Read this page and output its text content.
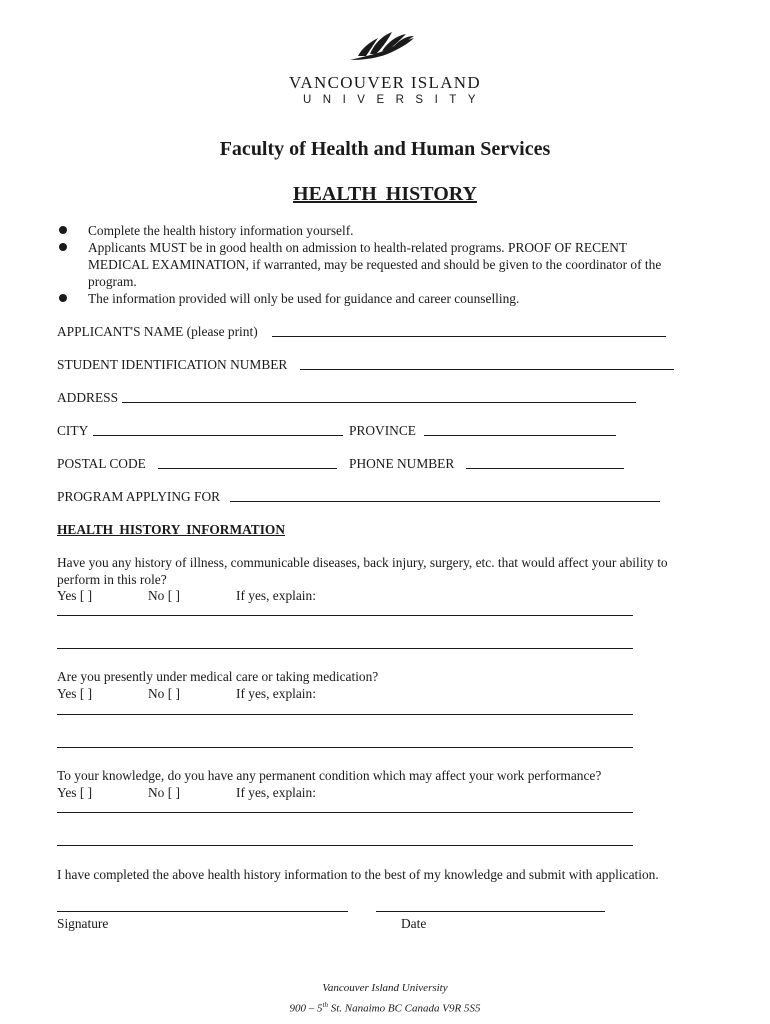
VANCOUVER ISLAND
UNIVERSITY
Faculty of Health and Human Services
HEALTH HISTORY
Complete the health history information yourself.
Applicants MUST be in good health on admission to health-related programs. PROOF OF RECENT
MEDICAL EXAMINATION, if warranted, may be requested and should be given to the coordinator of the
program.
The information provided will only be used for guidance and career counselling.
APPLICANT'S NAME (please print)
STUDENT IDENTIFICATION NUMBER
ADDRESS
CITY	PROVINCE
POSTAL CODE	PHONE NUMBER
PROGRAM APPLYING FOR
HEALTH HISTORY INFORMATION
Have you any history of illness, communicable diseases, back injury, surgery, etc. that would affect your ability to
perform in this role?
Yes [ ]	No [ ]	If yes, explain:
Are you presently under medical care or taking medication?
Yes [ ]	No [ ]	If yes, explain:
To your knowledge, do you have any permanent condition which may affect your work performance?
Yes [ ]	No [ ]	If yes, explain:
I have completed the above health history information to the best of my knowledge and submit with application.
Signature	Date
Vancouver Island University
900 – 5th St. Nanaimo BC Canada V9R 5S5
